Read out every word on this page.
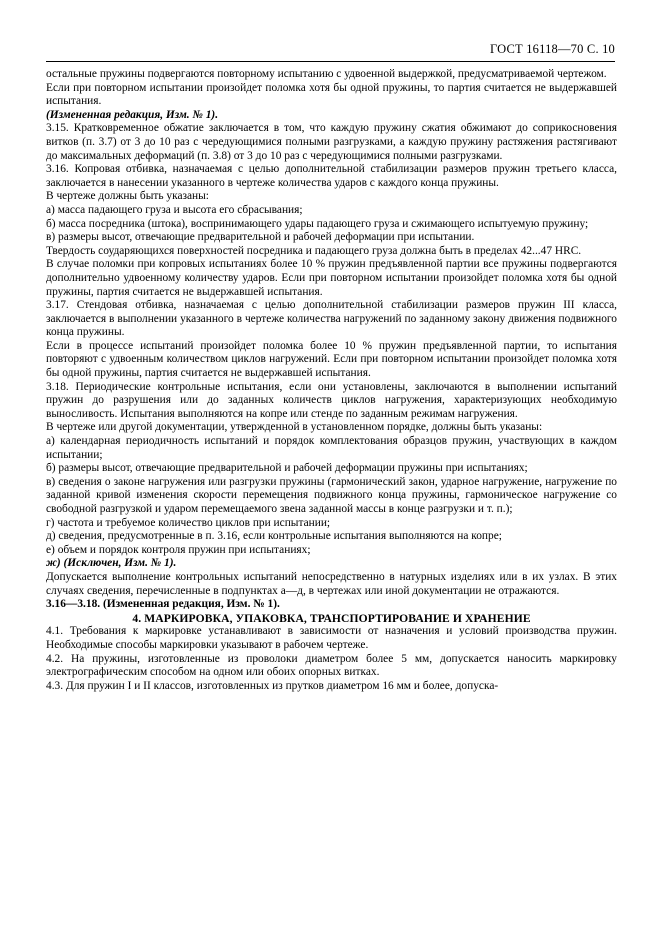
ГОСТ 16118—70 С. 10

остальные пружины подвергаются повторному испытанию с удвоенной выдержкой, предусматриваемой чертежом.

Если при повторном испытании произойдет поломка хотя бы одной пружины, то партия считается не выдержавшей испытания.

(Измененная редакция, Изм. № 1).

3.15. Кратковременное обжатие заключается в том, что каждую пружину сжатия обжимают до соприкосновения витков (п. 3.7) от 3 до 10 раз с чередующимися полными разгрузками, а каждую пружину растяжения растягивают до максимальных деформаций (п. 3.8) от 3 до 10 раз с чередующимися полными разгрузками.

3.16. Копровая отбивка, назначаемая с целью дополнительной стабилизации размеров пружин третьего класса, заключается в нанесении указанного в чертеже количества ударов с каждого конца пружины.

В чертеже должны быть указаны:

а) масса падающего груза и высота его сбрасывания;

б) масса посредника (штока), воспринимающего удары падающего груза и сжимающего испытуемую пружину;

в) размеры высот, отвечающие предварительной и рабочей деформации при испытании.

Твердость соударяющихся поверхностей посредника и падающего груза должна быть в пределах 42...47 HRC.

В случае поломки при копровых испытаниях более 10 % пружин предъявленной партии все пружины подвергаются дополнительно удвоенному количеству ударов. Если при повторном испытании произойдет поломка хотя бы одной пружины, партия считается не выдержавшей испытания.

3.17. Стендовая отбивка, назначаемая с целью дополнительной стабилизации размеров пружин III класса, заключается в выполнении указанного в чертеже количества нагружений по заданному закону движения подвижного конца пружины.

Если в процессе испытаний произойдет поломка более 10 % пружин предъявленной партии, то испытания повторяют с удвоенным количеством циклов нагружений. Если при повторном испытании произойдет поломка хотя бы одной пружины, партия считается не выдержавшей испытания.

3.18. Периодические контрольные испытания, если они установлены, заключаются в выполнении испытаний пружин до разрушения или до заданных количеств циклов нагружения, характеризующих необходимую выносливость. Испытания выполняются на копре или стенде по заданным режимам нагружения.

В чертеже или другой документации, утвержденной в установленном порядке, должны быть указаны:

а) календарная периодичность испытаний и порядок комплектования образцов пружин, участвующих в каждом испытании;

б) размеры высот, отвечающие предварительной и рабочей деформации пружины при испытаниях;

в) сведения о законе нагружения или разгрузки пружины (гармонический закон, ударное нагружение, нагружение по заданной кривой изменения скорости перемещения подвижного конца пружины, гармоническое нагружение со свободной разгрузкой и ударом перемещаемого звена заданной массы в конце разгрузки и т. п.);

г) частота и требуемое количество циклов при испытании;

д) сведения, предусмотренные в п. 3.16, если контрольные испытания выполняются на копре;

е) объем и порядок контроля пружин при испытаниях;

ж) (Исключен, Изм. № 1).

Допускается выполнение контрольных испытаний непосредственно в натурных изделиях или в их узлах. В этих случаях сведения, перечисленные в подпунктах а—д, в чертежах или иной документации не отражаются.

3.16—3.18. (Измененная редакция, Изм. № 1).

4. МАРКИРОВКА, УПАКОВКА, ТРАНСПОРТИРОВАНИЕ И ХРАНЕНИЕ

4.1. Требования к маркировке устанавливают в зависимости от назначения и условий производства пружин. Необходимые способы маркировки указывают в рабочем чертеже.

4.2. На пружины, изготовленные из проволоки диаметром более 5 мм, допускается наносить маркировку электрографическим способом на одном или обоих опорных витках.

4.3. Для пружин I и II классов, изготовленных из прутков диаметром 16 мм и более, допуска-
